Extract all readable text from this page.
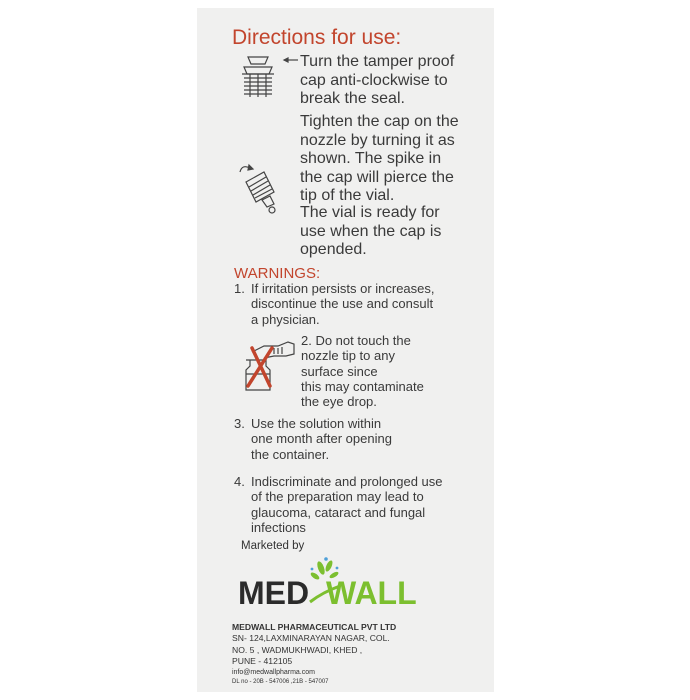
Directions for use:
Turn the tamper proof
cap anti-clockwise to
break the seal.
Tighten the cap on the
nozzle by turning it as
shown. The spike in
the cap will pierce the
tip of the vial.
The vial is ready for
use when the cap is
opended.
WARNINGS:
1. If irritation persists or increases,
discontinue the use and consult
a physician.
2. Do not touch the
nozzle tip to any
surface since
this may contaminate
the eye drop.
3. Use the solution within
one month after opening
the container.
4. Indiscriminate and prolonged use
of the preparation may lead to
glaucoma, cataract and fungal
infections
Marketed by
MED WALL
MEDWALL PHARMACEUTICAL PVT LTD
SN- 124,LAXMINARAYAN NAGAR, COL.
NO. 5 , WADMUKHWADI, KHED ,
PUNE - 412105
info@medwallpharma.com
DL no - 20B - 547006 ,21B - 547007
